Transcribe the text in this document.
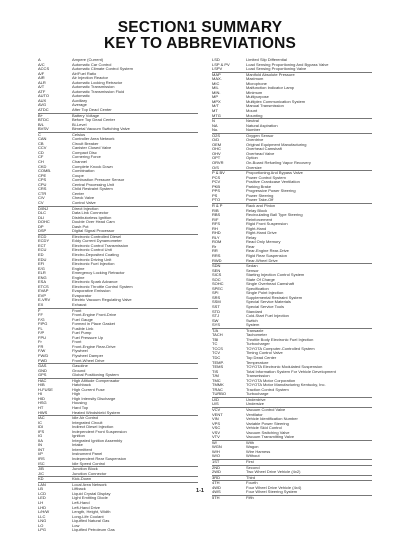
SECTION1 SUMMARY
KEY TO ABBREVIATIONS
A	Ampere (Current)
A/C	Automatic Car Control
ACCS	Automatic Climate Control System
A/F	Air/Fuel Ratio
AIR	Air Injection Reactor
ALR	Automatic Locking Retractor
A/T	Automatic Transmission
ATF	Automatic Transmission Fluid
AUTO	Automatic
AUX	Auxiliary
AVG	Average
ATDC	After Top Dead Center
B+	Battery Voltage
BTDC	Before Top Dead Center
B/L	Bi-Level
BVSV	Bimetal Vacuum Switching Valve
C	Celsius
CAN	Controller Area Network
CB	Circuit Breaker
CCV	Canister Closed Valve
CD	Compact Disc
CF	Cornering Force
CH	Channel
CKD	Complete Knock Down
COMB.	Combination
CPE	Coupe
CPS	Combustion Pressure Sensor
CPU	Central Processing Unit
CRS	Child Restraint System
CTR	Center
C/V	Check Valve
CV	Control Valve
D/INJ	Direct Injection
DLC	Data Link Connector
DLI	Distributorless Ignition
DOHC	Double Over Head Cam
DP	Dash Pot
DSP	Digital Signal Processor
ECD	Electronic Controlled Diesel
ECDY	Eddy Current Dynamometer
ECT	Electronic Control Transmission
ECU	Electronic Control Unit
ED	Electro-Deposited Coating
EDU	Electronic Driving Unit
EFI	Electronic Fuel Injection
E/G	Engine
ELR	Emergency Locking Retractor
ENG	Engine
ESA	Electronic Spark Advance
ETCS	Electronic Throttle Control System
EVAP	Evaporative Emission
EVP	Evaporator
E-VRV	Electric Vacuum Regulating Valve
EX	Exhaust
F	Front
FF	Front-Engine Front-Drive
F/G	Fuel Gauge
FIPG	Formed in Place Gasket
FL	Fusible Link
F/P	Fuel Pump
FPU	Fuel Pressure Up
Fr	Front
FR	Front-Engine Rear-Drive
F/W	Flywheel
FW/D	Flywheel Damper
FWD	Front-Wheel Drive
GAS	Gasoline
GND	Ground
GPS	Global Positioning System
HAC	High Altitude Compensator
H/B	Hatchback
H-FUSE	High Current Fuse
HI	High
HID	High Intensity Discharge
HSG	Housing
HT	Hard Top
HWS	Heated Windshield System
IAC	Idle Air Control
IC	Integrated Circuit
IDI	Indirect Diesel Injection
IFS	Independent Front Suspension
IG	Ignition
IIA	Integrated Ignition Assembly
IN	Intake
INT	Intermittent
I/P	Instrument Panel
IRS	Independent Rear Suspension
ISC	Idle Speed Control
J/B	Junction Block
J/C	Junction Connector
KD	Kick-Down
LAN	Local Area Network
LB	Liftback
LCD	Liquid Crystal Display
LED	Light Emitting Diode
LH	Left-Hand
LHD	Left-Hand Drive
L/H/W	Length, Height, Width
LLC	Long-Life Coolant
LNG	Liquified Natural Gas
LO	Low
LPG	Liquified Petroleum Gas
LSD	Limited Slip Differential
LSP & PV	Load Sensing Proportioning And Bypass Valve
LSPV	Load Sensing Proportioning Valve
MAP	Manifold Absolute Pressure
MAX.	Maximum
MIC	Microphone
MIL	Malfunction Indicator Lamp
MIN.	Minimum
MP	Multipurpose
MPX	Multiplex Communication System
M/T	Manual Transmission
MT	Mount
MTG	Mounting
N	Neutral
NA	Natural Aspiration
No.	Number
O2S	Oxygen Sensor
O/D	Overdrive
OEM	Original Equipment Manufacturing
OHC	Overhead Camshaft
OHV	Overhead Valve
OPT	Option
ORVR	On-Board Refueling Vapor Recovery
O/S	Oversize
P & BV	Proportioning And Bypass Valve
PCS	Power Control System
PCV	Positive Crankcase Ventilation
PKB	Parking Brake
PPS	Progressive Power Steering
PS	Power Steering
PTO	Power Take-Off
R & P	Rack and Pinion
R/B	Relay Block
RBS	Recirculating Ball Type Steering
R/F	Reinforcement
RFS	Rigid Front Suspension
RH	Right-Hand
RHD	Right-Hand Drive
RLY	Relay
ROM	Read Only Memory
Rr	Rear
RR	Rear-Engine Rear-Drive
RRS	Rigid Rear Suspension
RWD	Rear-Wheel Drive
SDN	Sedan
SEN	Sensor
SICS	Starting Injection Control System
SOC	State Of Charge
SOHC	Single Overhead Camshaft
SPEC	Specification
SPI	Single Point Injection
SRS	Supplemental Restraint System
SSM	Special Service Materials
SST	Special Service Tools
STD	Standard
STJ	Cold-Start Fuel Injection
SW	Switch
SYS	System
T/A	Transaxle
TACH	Tachometer
TBI	Throttle Body Electronic Fuel Injection
TC	Turbocharger
TCCS	TOYOTA Computer-Controlled System
TCV	Timing Control Valve
TDC	Top Dead Center
TEMP.	Temperature
TEMS	TOYOTA Electronic Modulated Suspension
TIS	Total Information System For Vehicle Development
T/M	Transmission
TMC	TOYOTA Motor Corporation
TMMK	TOYOTA Motor Manufacturing Kentucky, Inc.
TRAC	Traction Control System
TURBO	Turbocharge
U/D	Underdrive
U/S	Undersize
VCV	Vacuum Control Valve
VENT	Ventilator
VIN	Vehicle Identification Number
VPS	Variable Power Steering
VSC	Vehicle Skid Control
VSV	Vacuum Switching Valve
VTV	Vacuum Transmitting Valve
W/	With
WGN	Wagon
W/H	Wire Harness
W/O	Without
1ST	First
2ND	Second
2WD	Two Wheel Drive Vehicle (4x2)
3RD	Third
4TH	Fourth
4WD	Four Wheel Drive Vehicle (4x4)
4WS	Four Wheel Steering System
5TH	Fifth
1-1
